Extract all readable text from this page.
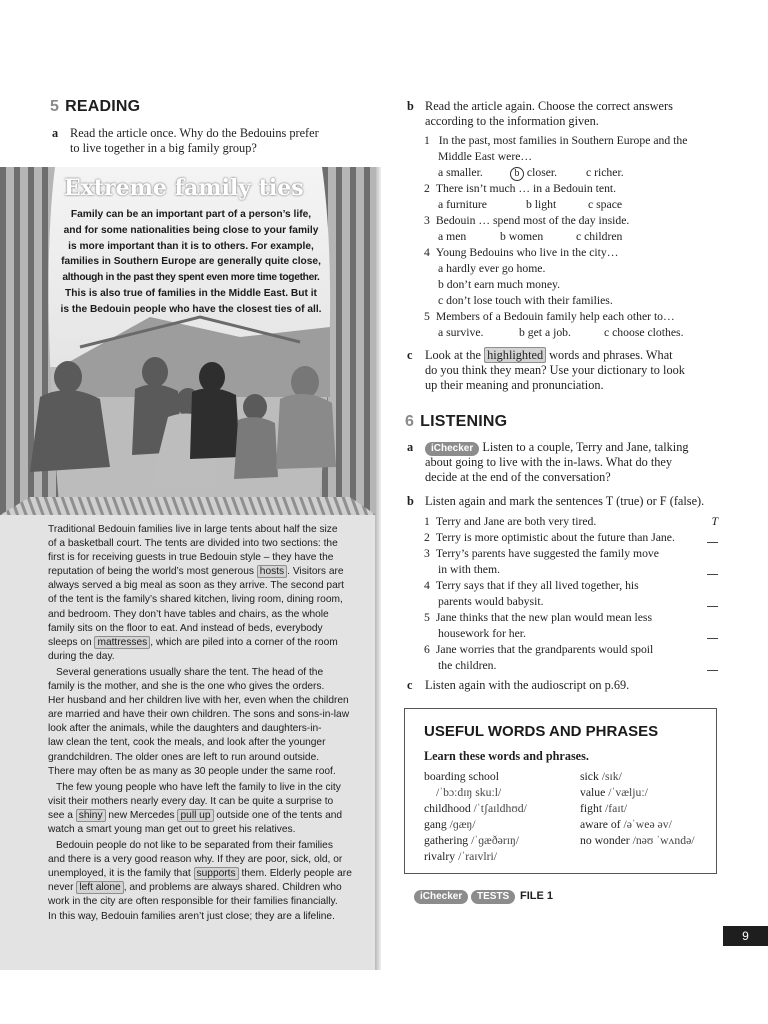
5 READING
a Read the article once. Why do the Bedouins prefer
to live together in a big family group?
Extreme family ties
Family can be an important part of a person’s life,
and for some nationalities being close to your family
is more important than it is to others. For example,
families in Southern Europe are generally quite close,
although in the past they spent even more time together.
This is also true of families in the Middle East. But it
is the Bedouin people who have the closest ties of all.
Traditional Bedouin families live in large tents about half the size
of a basketball court. The tents are divided into two sections: the
first is for receiving guests in true Bedouin style – they have the
reputation of being the world’s most generous hosts . Visitors are
always served a big meal as soon as they arrive. The second part
of the tent is the family’s shared kitchen, living room, dining room,
and bedroom. They don’t have tables and chairs, as the whole
family sits on the floor to eat. And instead of beds, everybody
sleeps on mattresses , which are piled into a corner of the room
during the day.
Several generations usually share the tent. The head of the
family is the mother, and she is the one who gives the orders.
Her husband and her children live with her, even when the children
are married and have their own children. The sons and sons-in-law
look after the animals, while the daughters and daughters-in-
law clean the tent, cook the meals, and look after the younger
grandchildren. The older ones are left to run around outside.
There may often be as many as 30 people under the same roof.
The few young people who have left the family to live in the city
visit their mothers nearly every day. It can be quite a surprise to
see a shiny new Mercedes pull up outside one of the tents and
watch a smart young man get out to greet his relatives.
Bedouin people do not like to be separated from their families
and there is a very good reason why. If they are poor, sick, old, or
unemployed, it is the family that supports them. Elderly people are
never left alone , and problems are always shared. Children who
work in the city are often responsible for their families financially.
In this way, Bedouin families aren’t just close; they are a lifeline.
b Read the article again. Choose the correct answers
according to the information given.
1 In the past, most families in Southern Europe and the
Middle East were…
a smaller.	b closer. c richer.
2 There isn’t much … in a Bedouin tent.
a furniture	b light	c space
3 Bedouin … spend most of the day inside.
a men	b women	c children
4 Young Bedouins who live in the city…
a hardly ever go home.
b don’t earn much money.
c don’t lose touch with their families.
5 Members of a Bedouin family help each other to…
a survive.	b get a job.	c choose clothes.
c Look at the highlighted words and phrases. What
do you think they mean? Use your dictionary to look
up their meaning and pronunciation.
6 LISTENING
a	iChecker Listen to a couple, Terry and Jane, talking
about going to live with the in-laws. What do they
decide at the end of the conversation?
b Listen again and mark the sentences T (true) or F (false).
1 Terry and Jane are both very tired.	T
2 Terry is more optimistic about the future than Jane.
3 Terry’s parents have suggested the family move
in with them.
4 Terry says that if they all lived together, his
parents would babysit.
5 Jane thinks that the new plan would mean less
housework for her.
6 Jane worries that the grandparents would spoil
the children.
c Listen again with the audioscript on p.69.
USEFUL WORDS AND PHRASES
Learn these words and phrases.
boarding school
/ˈbɔːdɪŋ skuːl/
childhood /ˈtʃaɪldhʊd/
gang /ɡæŋ/
gathering /ˈɡæðərɪŋ/
rivalry /ˈraɪvlri/
sick /sɪk/
value /ˈvæljuː/
fight /faɪt/
aware of /əˈweə əv/
no wonder /nəʊ ˈwʌndə/
iChecker TESTS FILE 1
9
